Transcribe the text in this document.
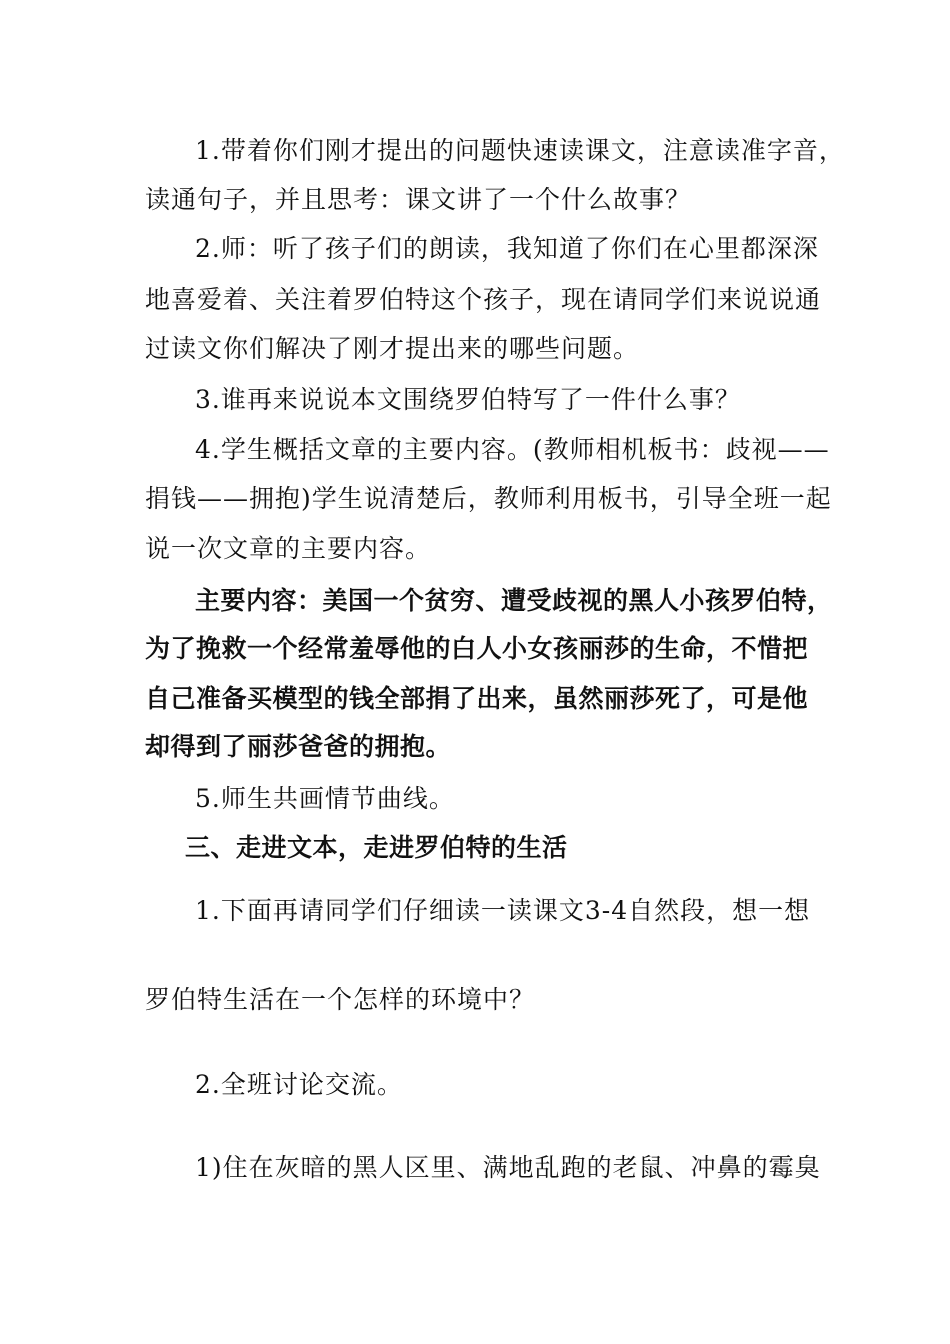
1.带着你们刚才提出的问题快速读课文，注意读准字音，
读通句子，并且思考：课文讲了一个什么故事？
2.师：听了孩子们的朗读，我知道了你们在心里都深深
地喜爱着、关注着罗伯特这个孩子，现在请同学们来说说通
过读文你们解决了刚才提出来的哪些问题。
3.谁再来说说本文围绕罗伯特写了一件什么事？
4.学生概括文章的主要内容。(教师相机板书：歧视——
捐钱——拥抱)学生说清楚后，教师利用板书，引导全班一起
说一次文章的主要内容。
主要内容：美国一个贫穷、遭受歧视的黑人小孩罗伯特，
为了挽救一个经常羞辱他的白人小女孩丽莎的生命，不惜把
自己准备买模型的钱全部捐了出来，虽然丽莎死了，可是他
却得到了丽莎爸爸的拥抱。
5.师生共画情节曲线。
三、走进文本，走进罗伯特的生活
1.下面再请同学们仔细读一读课文3-4自然段，想一想
罗伯特生活在一个怎样的环境中？
2.全班讨论交流。
1)住在灰暗的黑人区里、满地乱跑的老鼠、冲鼻的霉臭
